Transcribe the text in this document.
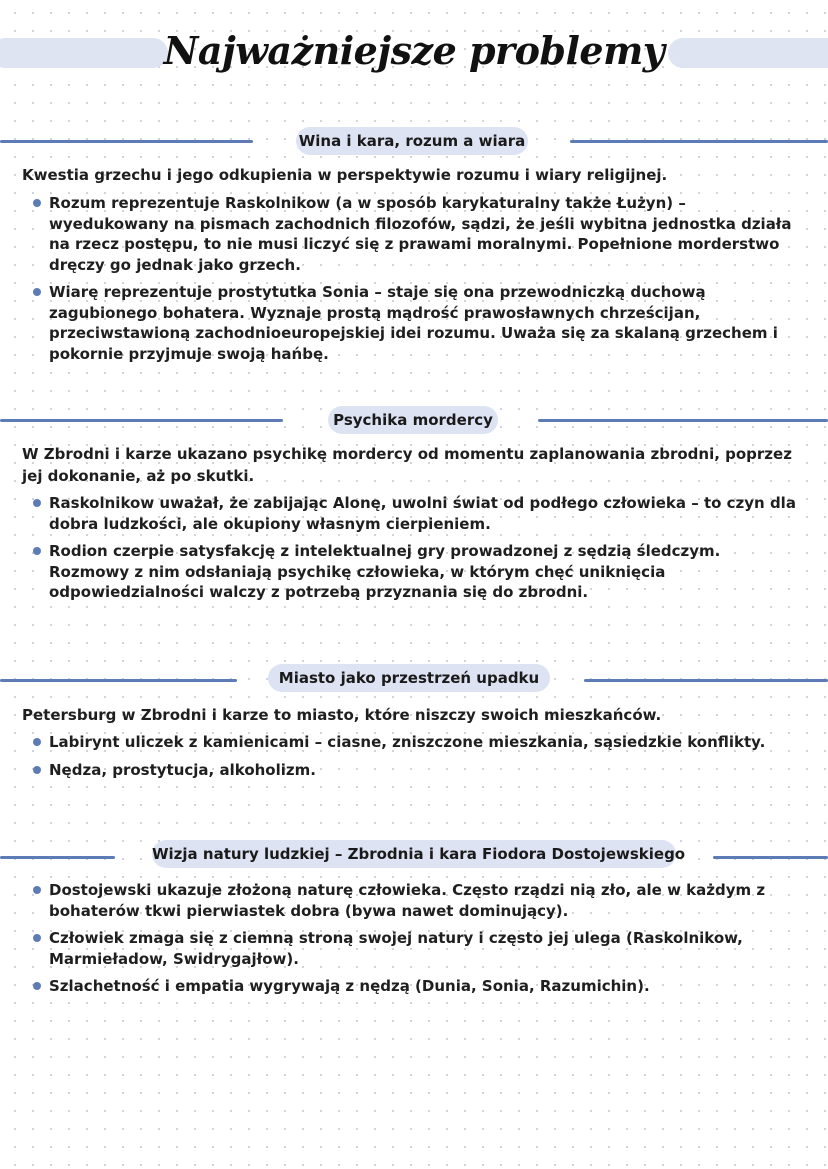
Najważniejsze problemy
Wina i kara, rozum a wiara
Kwestia grzechu i jego odkupienia w perspektywie rozumu i wiary religijnej.
Rozum reprezentuje Raskolnikow (a w sposób karykaturalny także Łużyn) – wyedukowany na pismach zachodnich filozofów, sądzi, że jeśli wybitna jednostka działa na rzecz postępu, to nie musi liczyć się z prawami moralnymi. Popełnione morderstwo dręczy go jednak jako grzech.
Wiarę reprezentuje prostytutka Sonia – staje się ona przewodniczką duchową zagubionego bohatera. Wyznaje prostą mądrość prawosławnych chrześcijan, przeciwstawioną zachodnioeuropejskiej idei rozumu. Uważa się za skalaną grzechem i pokornie przyjmuje swoją hańbę.
Psychika mordercy
W Zbrodni i karze ukazano psychikę mordercy od momentu zaplanowania zbrodni, poprzez jej dokonanie, aż po skutki.
Raskolnikow uważał, że zabijając Alonę, uwolni świat od podłego człowieka – to czyn dla dobra ludzkości, ale okupiony własnym cierpieniem.
Rodion czerpie satysfakcję z intelektualnej gry prowadzonej z sędzią śledczym. Rozmowy z nim odsłaniają psychikę człowieka, w którym chęć uniknięcia odpowiedzialności walczy z potrzebą przyznania się do zbrodni.
Miasto jako przestrzeń upadku
Petersburg w Zbrodni i karze to miasto, które niszczy swoich mieszkańców.
Labirynt uliczek z kamienicami – ciasne, zniszczone mieszkania, sąsiedzkie konflikty.
Nędza, prostytucja, alkoholizm.
Wizja natury ludzkiej – Zbrodnia i kara Fiodora Dostojewskiego
Dostojewski ukazuje złożoną naturę człowieka. Często rządzi nią zło, ale w każdym z bohaterów tkwi pierwiastek dobra (bywa nawet dominujący).
Człowiek zmaga się z ciemną stroną swojej natury i często jej ulega (Raskolnikow, Marmieładow, Swidrygajłow).
Szlachetność i empatia wygrywają z nędzą (Dunia, Sonia, Razumichin).
